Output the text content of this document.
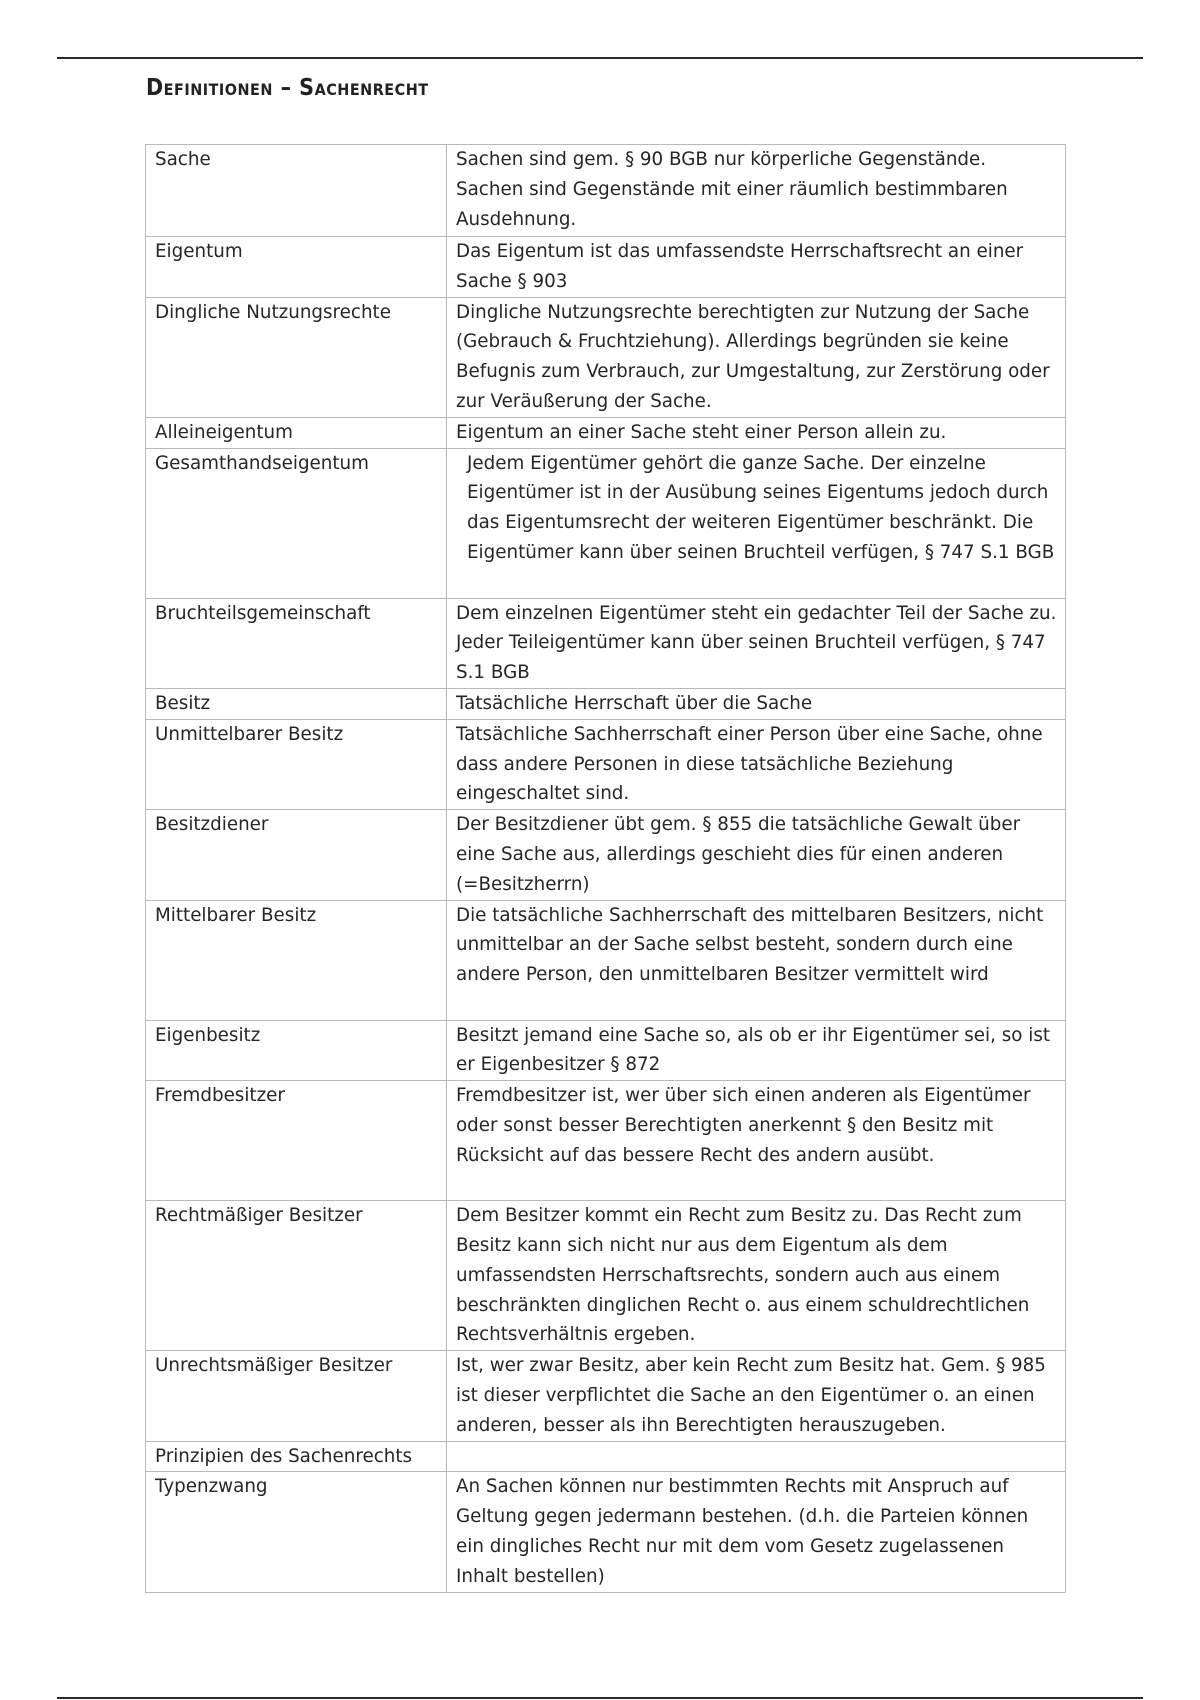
Definitionen – Sachenrecht
Sache	Sachen sind gem. § 90 BGB nur körperliche Gegenstände. Sachen sind Gegenstände mit einer räumlich bestimmbaren Ausdehnung.

Eigentum	Das Eigentum ist das umfassendste Herrschaftsrecht an einer Sache § 903

Dingliche Nutzungsrechte	Dingliche Nutzungsrechte berechtigten zur Nutzung der Sache (Gebrauch & Fruchtziehung). Allerdings begründen sie keine Befugnis zum Verbrauch, zur Umgestaltung, zur Zerstörung oder zur Veräußerung der Sache.

Alleineigentum	Eigentum an einer Sache steht einer Person allein zu.

Gesamthandseigentum	Jedem Eigentümer gehört die ganze Sache. Der einzelne Eigentümer ist in der Ausübung seines Eigentums jedoch durch das Eigentumsrecht der weiteren Eigentümer beschränkt. Die Eigentümer kann über seinen Bruchteil verfügen, § 747 S.1 BGB

Bruchteilsgemeinschaft	Dem einzelnen Eigentümer steht ein gedachter Teil der Sache zu. Jeder Teileigentümer kann über seinen Bruchteil verfügen, § 747 S.1 BGB

Besitz	Tatsächliche Herrschaft über die Sache

Unmittelbarer Besitz	Tatsächliche Sachherrschaft einer Person über eine Sache, ohne dass andere Personen in diese tatsächliche Beziehung eingeschaltet sind.

Besitzdiener	Der Besitzdiener übt gem. § 855 die tatsächliche Gewalt über eine Sache aus, allerdings geschieht dies für einen anderen (=Besitzherrn)

Mittelbarer Besitz	Die tatsächliche Sachherrschaft des mittelbaren Besitzers, nicht unmittelbar an der Sache selbst besteht, sondern durch eine andere Person, den unmittelbaren Besitzer vermittelt wird

Eigenbesitz	Besitzt jemand eine Sache so, als ob er ihr Eigentümer sei, so ist er Eigenbesitzer § 872

Fremdbesitzer	Fremdbesitzer ist, wer über sich einen anderen als Eigentümer oder sonst besser Berechtigten anerkennt § den Besitz mit Rücksicht auf das bessere Recht des andern ausübt.

Rechtmäßiger Besitzer	Dem Besitzer kommt ein Recht zum Besitz zu. Das Recht zum Besitz kann sich nicht nur aus dem Eigentum als dem umfassendsten Herrschaftsrechts, sondern auch aus einem beschränkten dinglichen Recht o. aus einem schuldrechtlichen Rechtsverhältnis ergeben.

Unrechtsmäßiger Besitzer	Ist, wer zwar Besitz, aber kein Recht zum Besitz hat. Gem. § 985 ist dieser verpflichtet die Sache an den Eigentümer o. an einen anderen, besser als ihn Berechtigten herauszugeben.

Prinzipien des Sachenrechts	

Typenzwang	An Sachen können nur bestimmten Rechts mit Anspruch auf Geltung gegen jedermann bestehen. (d.h. die Parteien können ein dingliches Recht nur mit dem vom Gesetz zugelassenen Inhalt bestellen)
